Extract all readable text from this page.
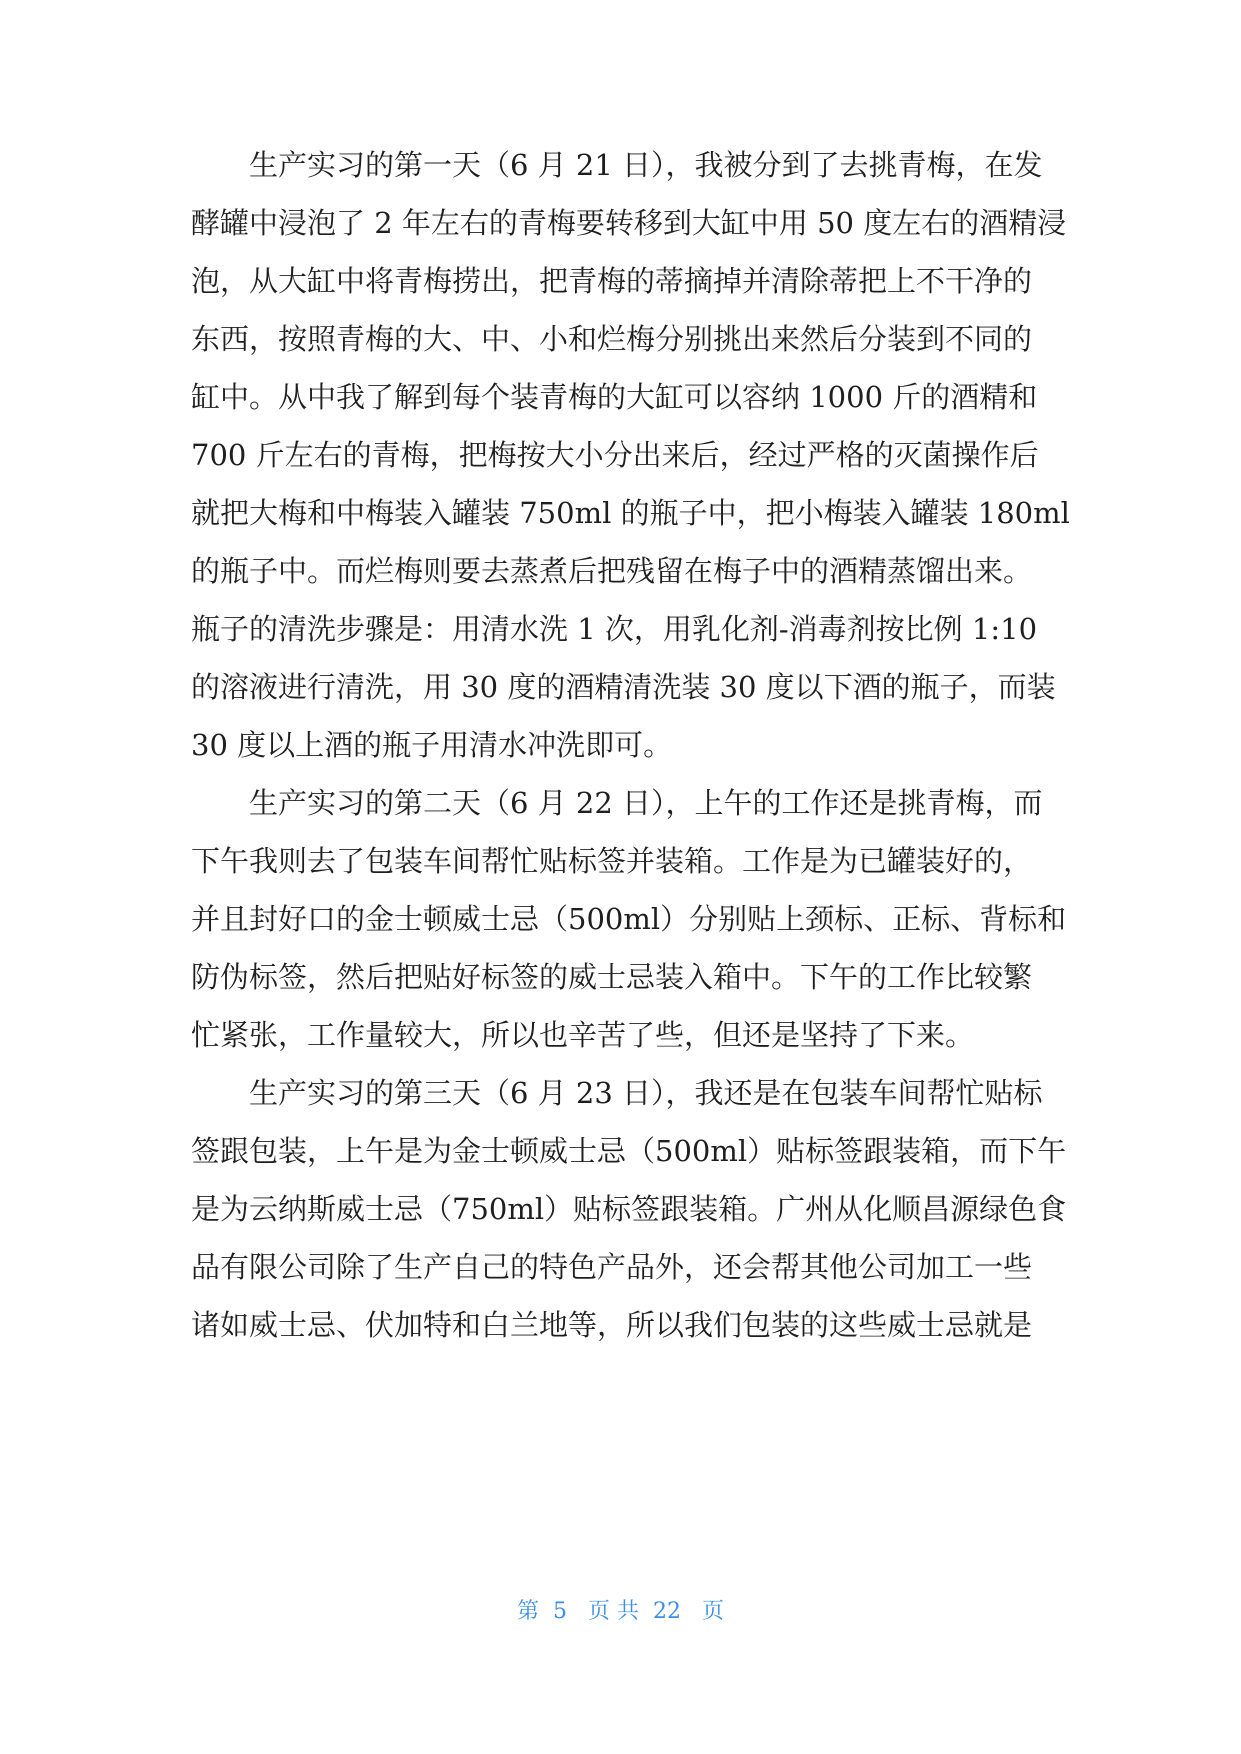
生产实习的第一天（6 月 21 日），我被分到了去挑青梅，在发
酵罐中浸泡了 2 年左右的青梅要转移到大缸中用 50 度左右的酒精浸
泡，从大缸中将青梅捞出，把青梅的蒂摘掉并清除蒂把上不干净的
东西，按照青梅的大、中、小和烂梅分别挑出来然后分装到不同的
缸中。从中我了解到每个装青梅的大缸可以容纳 1000 斤的酒精和
700 斤左右的青梅，把梅按大小分出来后，经过严格的灭菌操作后
就把大梅和中梅装入罐装 750ml 的瓶子中，把小梅装入罐装 180ml
的瓶子中。而烂梅则要去蒸煮后把残留在梅子中的酒精蒸馏出来。
瓶子的清洗步骤是：用清水洗 1 次，用乳化剂-消毒剂按比例 1:10
的溶液进行清洗，用 30 度的酒精清洗装 30 度以下酒的瓶子，而装
30 度以上酒的瓶子用清水冲洗即可。
生产实习的第二天（6 月 22 日），上午的工作还是挑青梅，而
下午我则去了包装车间帮忙贴标签并装箱。工作是为已罐装好的，
并且封好口的金士顿威士忌（500ml）分别贴上颈标、正标、背标和
防伪标签，然后把贴好标签的威士忌装入箱中。下午的工作比较繁
忙紧张，工作量较大，所以也辛苦了些，但还是坚持了下来。
生产实习的第三天（6 月 23 日），我还是在包装车间帮忙贴标
签跟包装，上午是为金士顿威士忌（500ml）贴标签跟装箱，而下午
是为云纳斯威士忌（750ml）贴标签跟装箱。广州从化顺昌源绿色食
品有限公司除了生产自己的特色产品外，还会帮其他公司加工一些
诸如威士忌、伏加特和白兰地等，所以我们包装的这些威士忌就是
第  5   页 共  22   页
